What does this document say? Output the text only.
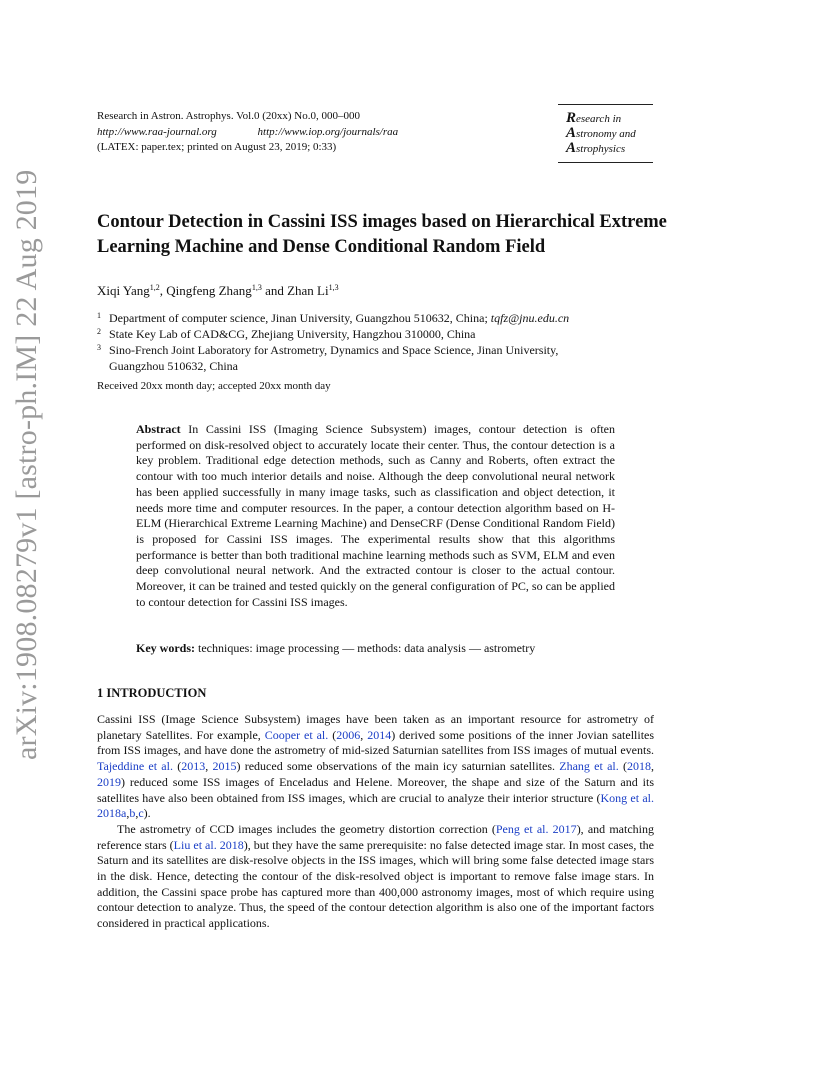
Research in Astron. Astrophys. Vol.0 (20xx) No.0, 000–000
http://www.raa-journal.org	http://www.iop.org/journals/raa
(LATEX: paper.tex; printed on August 23, 2019; 0:33)
Research in
Astronomy and
Astrophysics
arXiv:1908.08279v1 [astro-ph.IM] 22 Aug 2019	Contour Detection in Cassini ISS images based on Hierarchical Extreme Learning Machine and Dense Conditional Random Field
Xiqi Yang$^{1,2}$, Qingfeng Zhang$^{1,3}$ and Zhan Li$^{1,3}$
1 Department of computer science, Jinan University, Guangzhou 510632, China; tqfz@jnu.edu.cn
2 State Key Lab of CAD&CG, Zhejiang University, Hangzhou 310000, China
3 Sino-French Joint Laboratory for Astrometry, Dynamics and Space Science, Jinan University,
Guangzhou 510632, China
Received 20xx month day; accepted 20xx month day
Abstract In Cassini ISS (Imaging Science Subsystem) images, contour detection is often performed on disk-resolved object to accurately locate their center. Thus, the contour detection is a key problem. Traditional edge detection methods, such as Canny and Roberts, often extract the contour with too much interior details and noise. Although the deep convolutional neural network has been applied successfully in many image tasks, such as classification and object detection, it needs more time and computer resources. In the paper, a contour detection algorithm based on H-ELM (Hierarchical Extreme Learning Machine) and DenseCRF (Dense Conditional Random Field) is proposed for Cassini ISS images. The experimental results show that this algorithms performance is better than both traditional machine learning methods such as SVM, ELM and even deep convolutional neural network. And the extracted contour is closer to the actual contour. Moreover, it can be trained and tested quickly on the general configuration of PC, so can be applied to contour detection for Cassini ISS images.
Key words: techniques: image processing — methods: data analysis — astrometry
1 INTRODUCTION

Cassini ISS (Image Science Subsystem) images have been taken as an important resource for astrometry of planetary Satellites. For example, Cooper et al. (2006, 2014) derived some positions of the inner Jovian satellites from ISS images, and have done the astrometry of mid-sized Saturnian satellites from ISS images of mutual events. Tajeddine et al. (2013, 2015) reduced some observations of the main icy saturnian satellites. Zhang et al. (2018, 2019) reduced some ISS images of Enceladus and Helene. Moreover, the shape and size of the Saturn and its satellites have also been obtained from ISS images, which are crucial to analyze their interior structure (Kong et al. 2018a,b,c).

The astrometry of CCD images includes the geometry distortion correction (Peng et al. 2017), and matching reference stars (Liu et al. 2018), but they have the same prerequisite: no false detected image star. In most cases, the Saturn and its satellites are disk-resolve objects in the ISS images, which will bring some false detected image stars in the disk. Hence, detecting the contour of the disk-resolved object is important to remove false image stars. In addition, the Cassini space probe has captured more than 400,000 astronomy images, most of which require using contour detection to analyze. Thus, the speed of the contour detection algorithm is also one of the important factors considered in practical applications.
